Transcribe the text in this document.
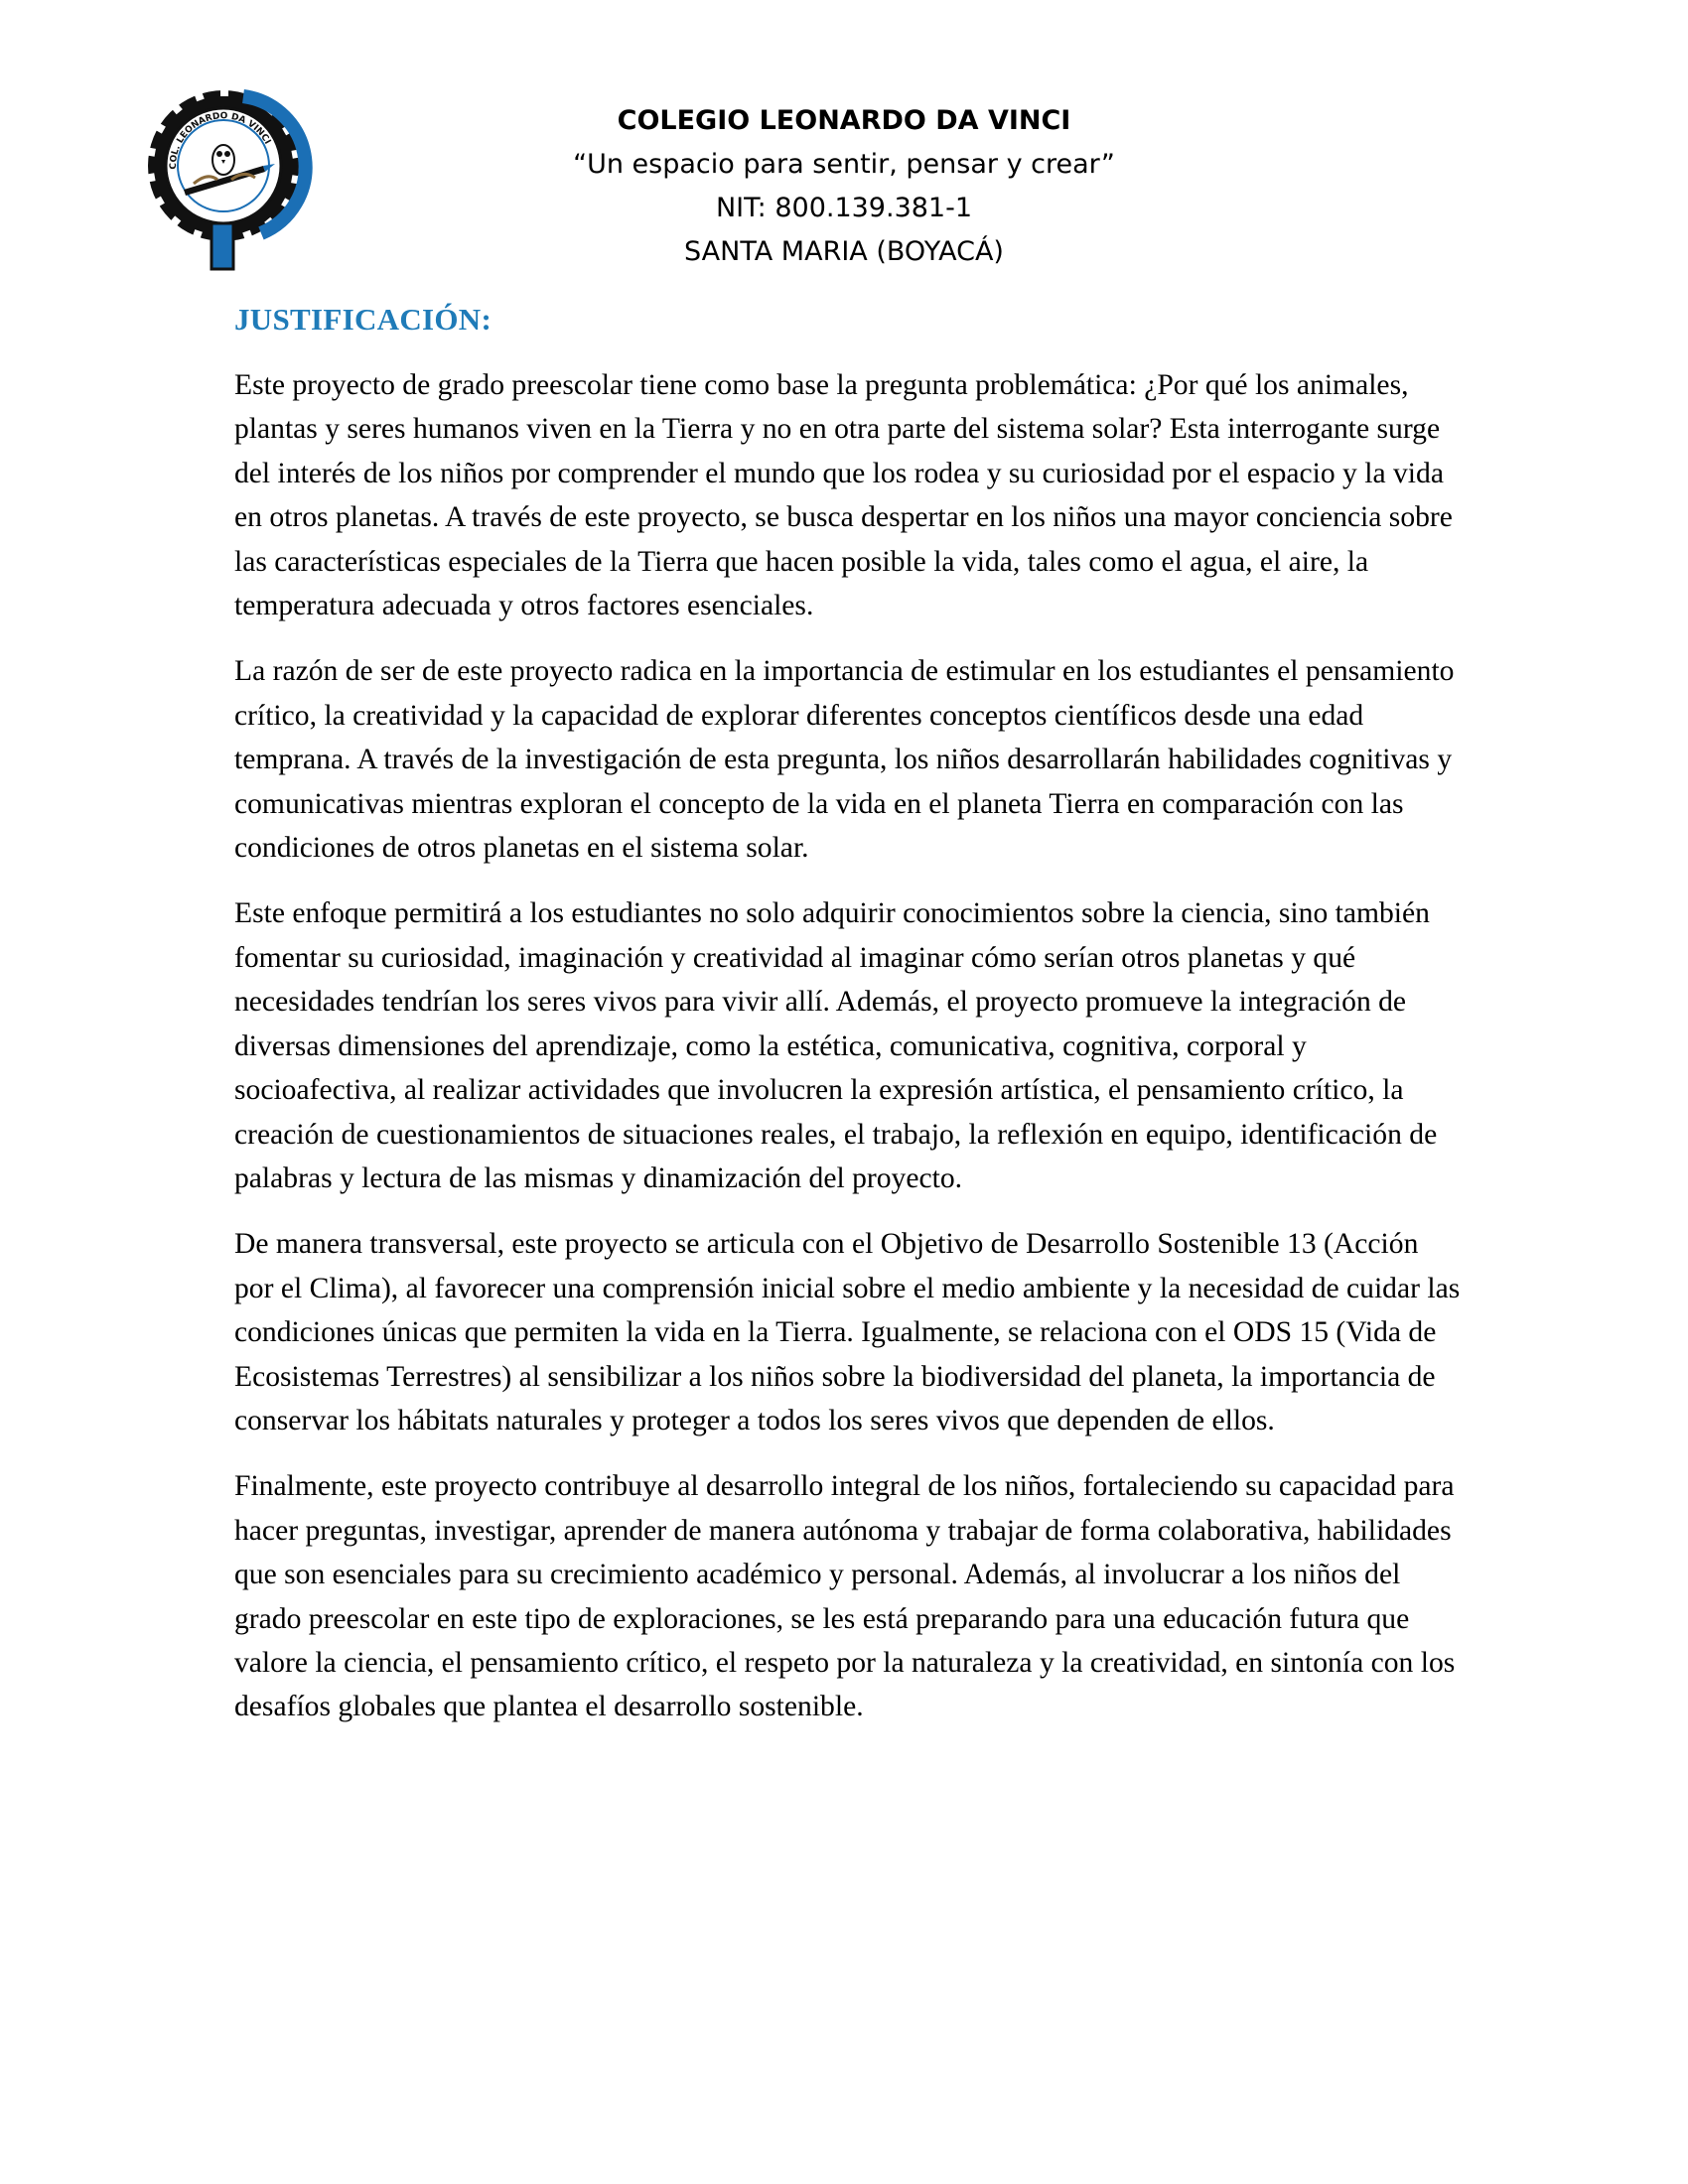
COL. LEONARDO DA VINCI
COLEGIO LEONARDO DA VINCI
“Un espacio para sentir, pensar y crear”
NIT: 800.139.381-1
SANTA MARIA (BOYACÁ)
JUSTIFICACIÓN:

Este proyecto de grado preescolar tiene como base la pregunta problemática: ¿Por qué los animales, plantas y seres humanos viven en la Tierra y no en otra parte del sistema solar? Esta interrogante surge del interés de los niños por comprender el mundo que los rodea y su curiosidad por el espacio y la vida en otros planetas. A través de este proyecto, se busca despertar en los niños una mayor conciencia sobre las características especiales de la Tierra que hacen posible la vida, tales como el agua, el aire, la temperatura adecuada y otros factores esenciales.

La razón de ser de este proyecto radica en la importancia de estimular en los estudiantes el pensamiento crítico, la creatividad y la capacidad de explorar diferentes conceptos científicos desde una edad temprana. A través de la investigación de esta pregunta, los niños desarrollarán habilidades cognitivas y comunicativas mientras exploran el concepto de la vida en el planeta Tierra en comparación con las condiciones de otros planetas en el sistema solar.

Este enfoque permitirá a los estudiantes no solo adquirir conocimientos sobre la ciencia, sino también fomentar su curiosidad, imaginación y creatividad al imaginar cómo serían otros planetas y qué necesidades tendrían los seres vivos para vivir allí. Además, el proyecto promueve la integración de diversas dimensiones del aprendizaje, como la estética, comunicativa, cognitiva, corporal y socioafectiva, al realizar actividades que involucren la expresión artística, el pensamiento crítico, la creación de cuestionamientos de situaciones reales, el trabajo, la reflexión en equipo, identificación de palabras y lectura de las mismas y dinamización del proyecto.

De manera transversal, este proyecto se articula con el Objetivo de Desarrollo Sostenible 13 (Acción por el Clima), al favorecer una comprensión inicial sobre el medio ambiente y la necesidad de cuidar las condiciones únicas que permiten la vida en la Tierra. Igualmente, se relaciona con el ODS 15 (Vida de Ecosistemas Terrestres) al sensibilizar a los niños sobre la biodiversidad del planeta, la importancia de conservar los hábitats naturales y proteger a todos los seres vivos que dependen de ellos.

Finalmente, este proyecto contribuye al desarrollo integral de los niños, fortaleciendo su capacidad para hacer preguntas, investigar, aprender de manera autónoma y trabajar de forma colaborativa, habilidades que son esenciales para su crecimiento académico y personal. Además, al involucrar a los niños del grado preescolar en este tipo de exploraciones, se les está preparando para una educación futura que valore la ciencia, el pensamiento crítico, el respeto por la naturaleza y la creatividad, en sintonía con los desafíos globales que plantea el desarrollo sostenible.
